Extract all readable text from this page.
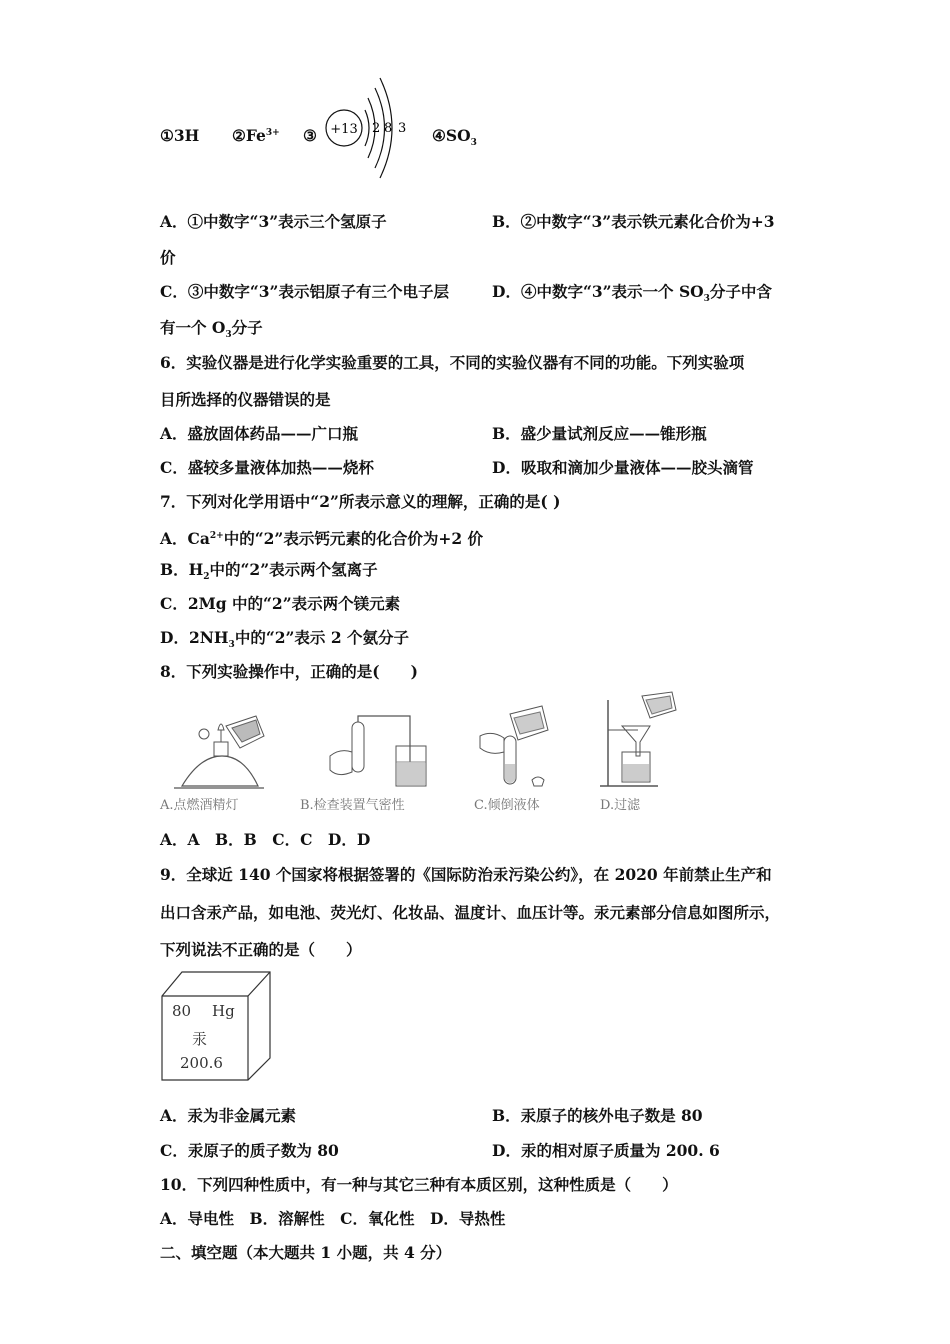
①3H $②Fe^{3+}$ ③ +13 2 8 3 $④SO_3$
A．①中数字“3”表示三个氢原子	B．②中数字“3”表示铁元素化合价为+3
价
C．③中数字“3”表示铝原子有三个电子层	D．④中数字“3”表示一个 $SO_3$分子中含
有一个 $O_3$分子
6．实验仪器是进行化学实验重要的工具，不同的实验仪器有不同的功能。下列实验项
目所选择的仪器错误的是
A．盛放固体药品——广口瓶	B．盛少量试剂反应——锥形瓶
C．盛较多量液体加热——烧杯	D．吸取和滴加少量液体——胶头滴管
7．下列对化学用语中“2”所表示意义的理解，正确的是( )
A．$Ca^{2+}$中的“2”表示钙元素的化合价为+2 价
B．$H_2$中的“2”表示两个氢离子
C．2Mg 中的“2”表示两个镁元素
D．$2NH_3$中的“2”表示 2 个氨分子
8．下列实验操作中，正确的是(　　)
A.点燃酒精灯	B.检查装置气密性	C.倾倒液体	D.过滤
A．A　B．B　C．C　D．D
9．全球近 140 个国家将根据签署的《国际防治汞污染公约》，在 2020 年前禁止生产和
出口含汞产品，如电池、荧光灯、化妆品、温度计、血压计等。汞元素部分信息如图所示，
下列说法不正确的是（　　）
80 Hg
汞
200.6
A．汞为非金属元素	B．汞原子的核外电子数是 80
C．汞原子的质子数为 80	D．汞的相对原子质量为 200. 6
10．下列四种性质中，有一种与其它三种有本质区别，这种性质是（　　）
A．导电性　B．溶解性　C．氧化性　D．导热性
二、填空题（本大题共 1 小题，共 4 分）
